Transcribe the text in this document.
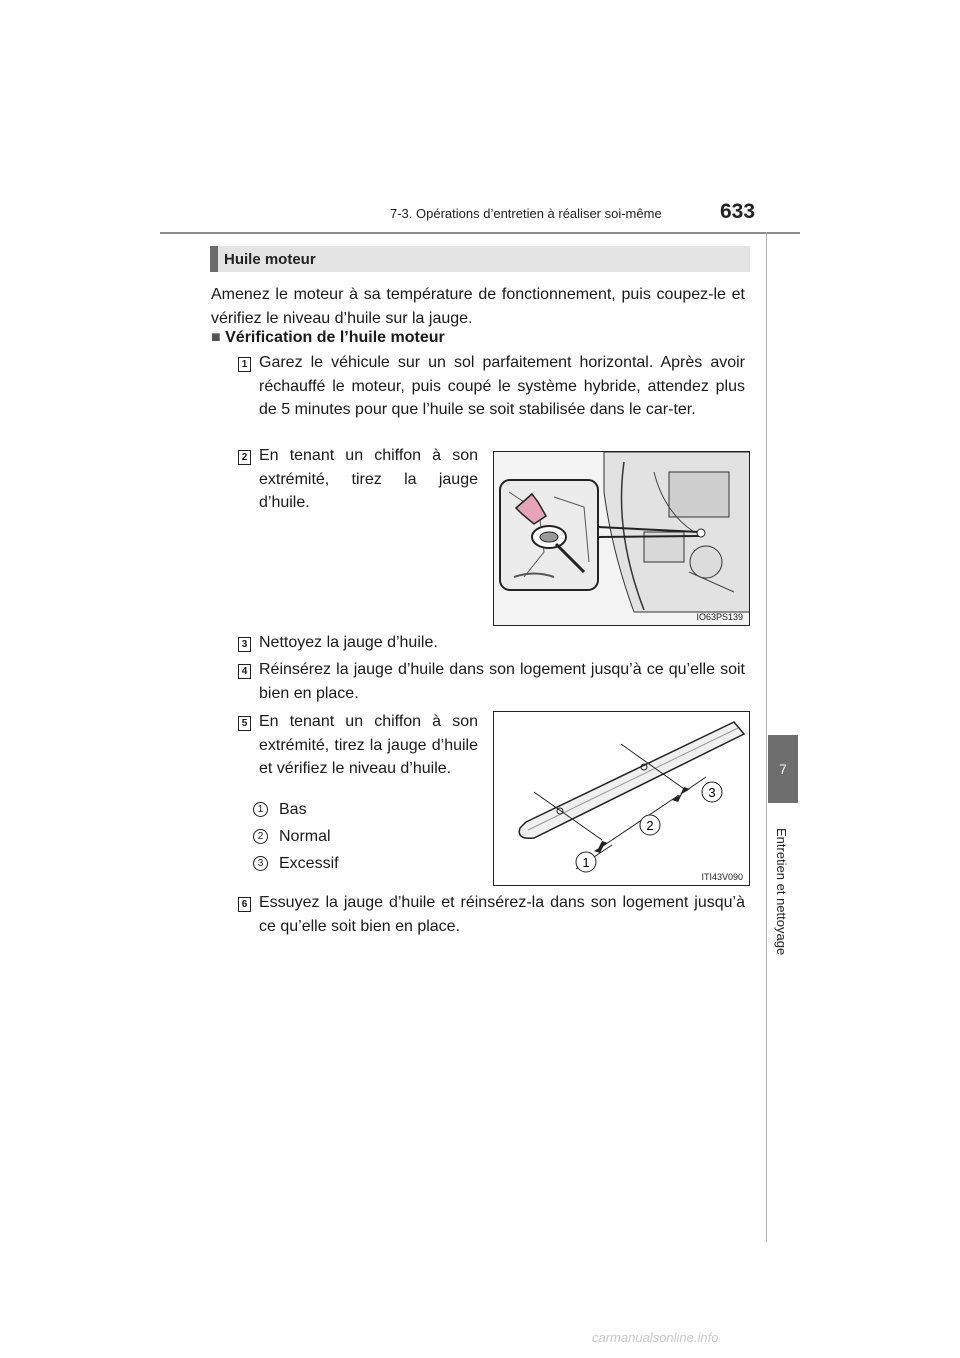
7-3. Opérations d’entretien à réaliser soi-même	633
7
Entretien et nettoyage
Huile moteur
Amenez le moteur à sa température de fonctionnement, puis coupez-le et vérifiez le niveau d’huile sur la jauge.
■ Vérification de l’huile moteur
1 Garez le véhicule sur un sol parfaitement horizontal. Après avoir réchauffé le moteur, puis coupé le système hybride, attendez plus de 5 minutes pour que l’huile se soit stabilisée dans le car-ter.
2 En tenant un chiffon à son extrémité, tirez la jauge d’huile.
IO63PS139
3 Nettoyez la jauge d’huile.
4 Réinsérez la jauge d’huile dans son logement jusqu’à ce qu’elle soit bien en place.
5 En tenant un chiffon à son extrémité, tirez la jauge d’huile et vérifiez le niveau d’huile.
1 Bas
2 Normal
3 Excessif	1
2
3
ITI43V090
6 Essuyez la jauge d’huile et réinsérez-la dans son logement jusqu’à ce qu’elle soit bien en place.
carmanualsonline.info
